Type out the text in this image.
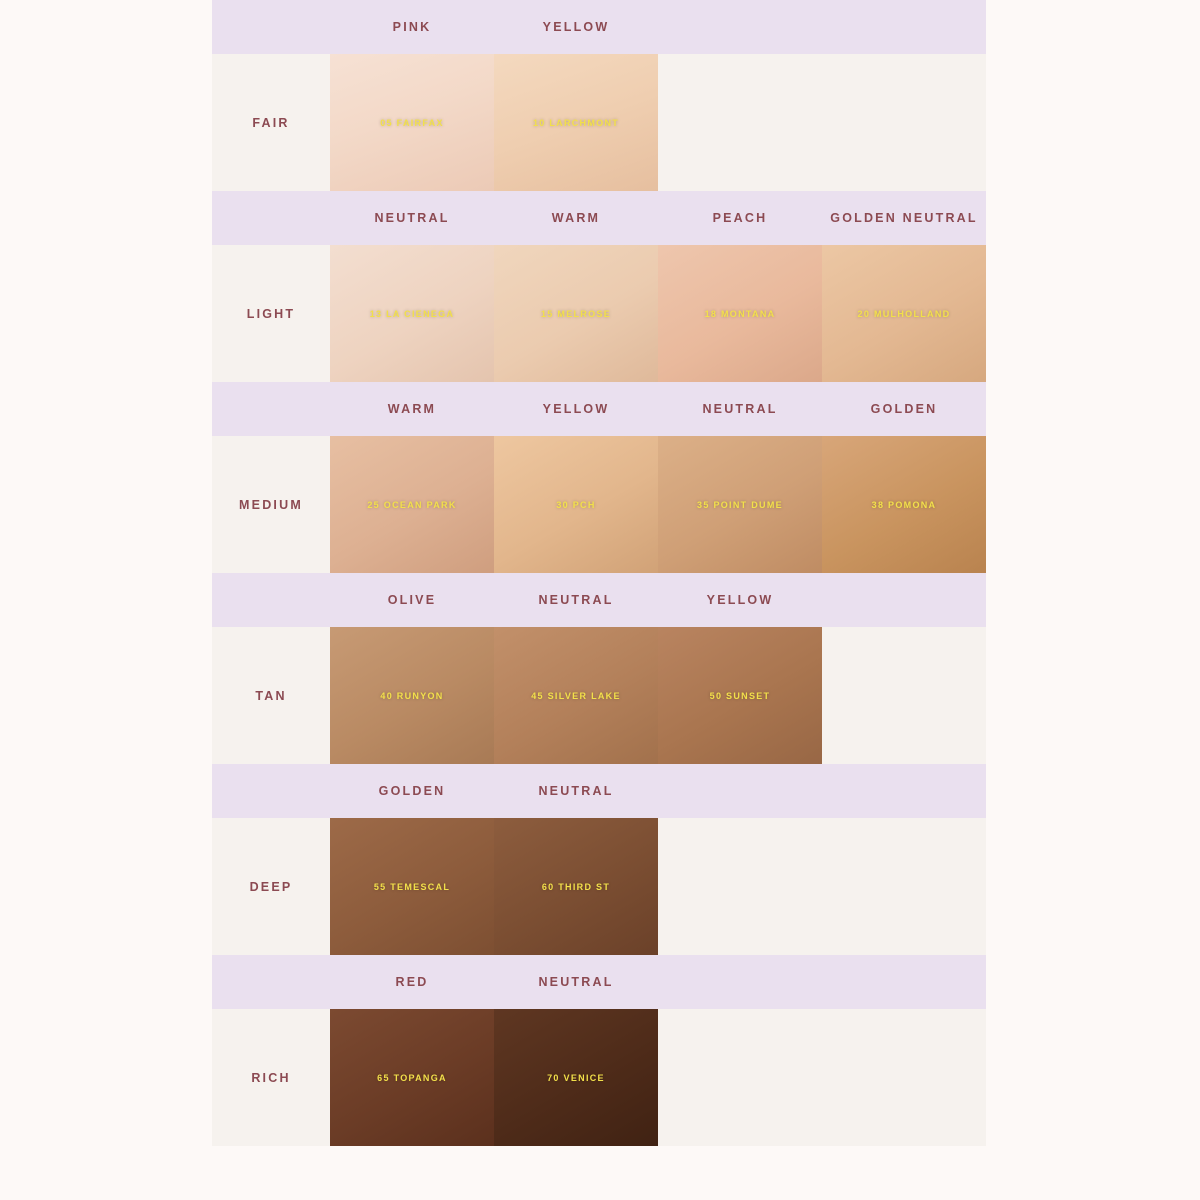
PINK	YELLOW
FAIR	05 FAIRFAX	10 LARCHMONT
NEUTRAL	WARM	PEACH	GOLDEN NEUTRAL
LIGHT	13 LA CIENEGA	15 MELROSE	18 MONTANA	20 MULHOLLAND
WARM	YELLOW	NEUTRAL	GOLDEN
MEDIUM	25 OCEAN PARK	30 PCH	35 POINT DUME	38 POMONA
OLIVE	NEUTRAL	YELLOW
TAN	40 RUNYON	45 SILVER LAKE	50 SUNSET
GOLDEN	NEUTRAL
DEEP	55 TEMESCAL	60 THIRD ST
RED	NEUTRAL
RICH	65 TOPANGA	70 VENICE
